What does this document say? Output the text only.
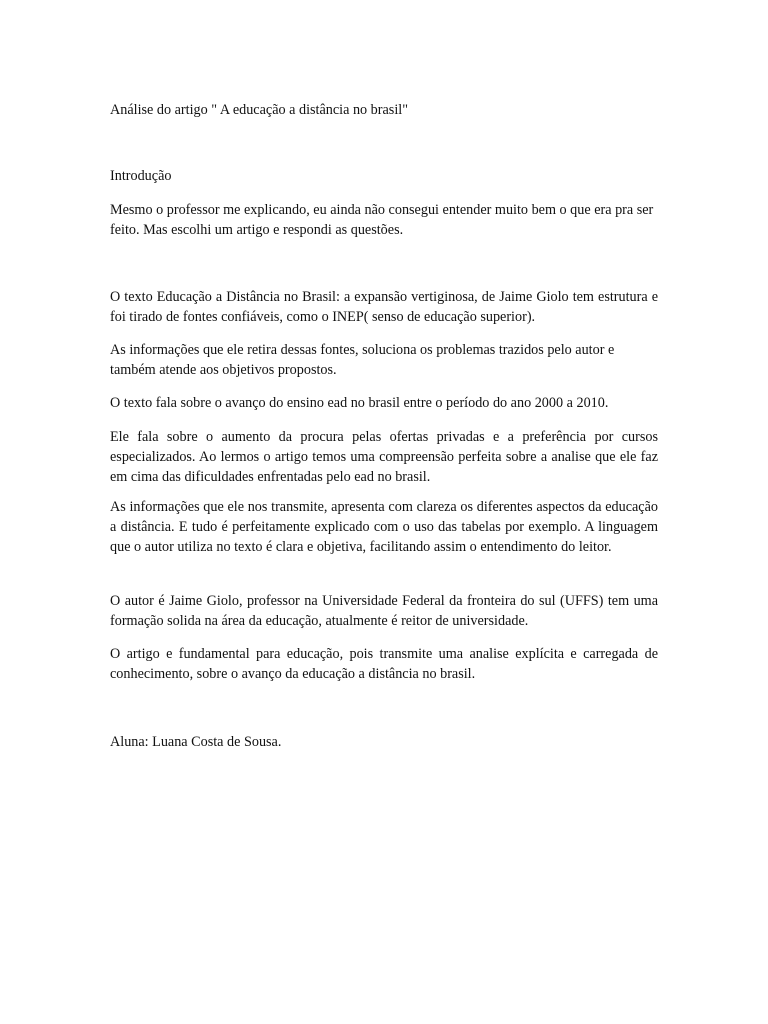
Análise do artigo " A educação a distância no brasil"

Introdução

Mesmo o professor me explicando, eu ainda não consegui entender muito bem o que era pra ser feito. Mas escolhi um artigo e respondi as questões.

O texto Educação a Distância no Brasil: a expansão vertiginosa, de Jaime Giolo tem estrutura e foi tirado de fontes confiáveis, como o INEP( senso de educação superior).

As informações que ele retira dessas fontes, soluciona os problemas trazidos pelo autor e também atende aos objetivos propostos.

O texto fala sobre o avanço do ensino ead no brasil entre o período do ano 2000 a 2010.

Ele fala sobre o aumento da procura pelas ofertas privadas e a preferência por cursos especializados. Ao lermos o artigo temos uma compreensão perfeita sobre a analise que ele faz em cima das dificuldades enfrentadas pelo ead no brasil.

As informações que ele nos transmite, apresenta com clareza os diferentes aspectos da educação a distância. E tudo é perfeitamente explicado com o uso das tabelas por exemplo. A linguagem que o autor utiliza no texto é clara e objetiva, facilitando assim o entendimento do leitor.

O autor é Jaime Giolo, professor na Universidade Federal da fronteira do sul (UFFS) tem uma formação solida na área da educação, atualmente é reitor de universidade.

O artigo e fundamental para educação, pois transmite uma analise explícita e carregada de conhecimento, sobre o avanço da educação a distância no brasil.

Aluna: Luana Costa de Sousa.
